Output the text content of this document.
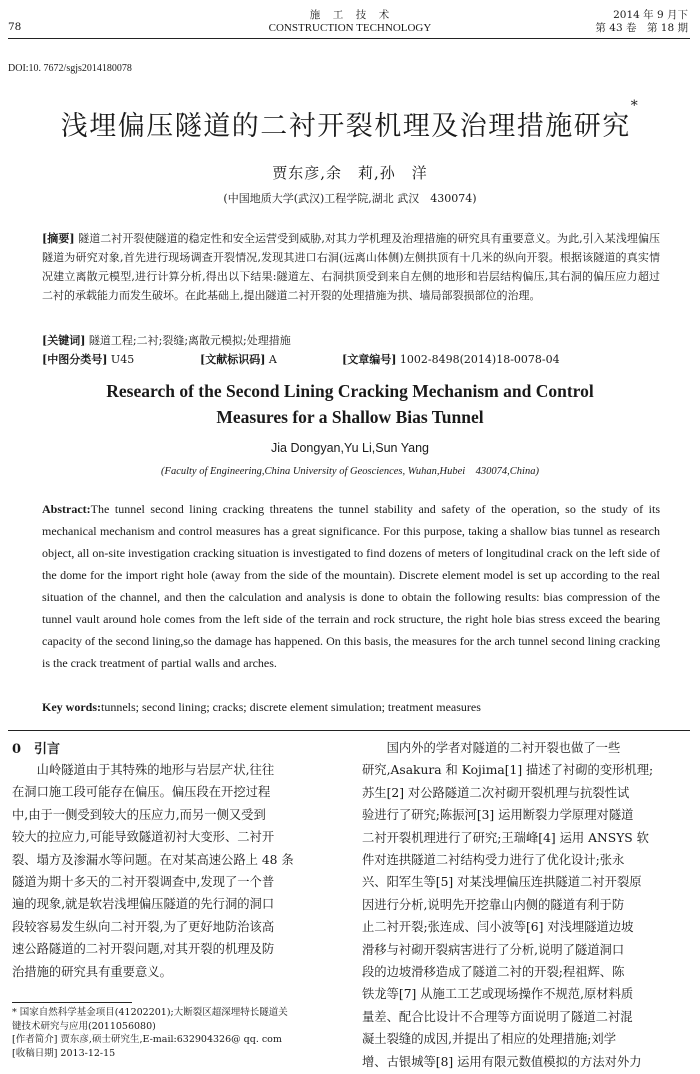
78
施　工　技　术
CONSTRUCTION TECHNOLOGY
2014 年 9 月下
第 43 卷　第 18 期
DOI:10. 7672/sgjs2014180078
浅埋偏压隧道的二衬开裂机理及治理措施研究*
贾东彦,余　莉,孙　洋
(中国地质大学(武汉)工程学院,湖北 武汉　430074)
[摘要] 隧道二衬开裂使隧道的稳定性和安全运营受到威胁,对其力学机理及治理措施的研究具有重要意义。为此,引入某浅埋偏压隧道为研究对象,首先进行现场调查开裂情况,发现其进口右洞(远离山体侧)左侧拱顶有十几米的纵向开裂。根据该隧道的真实情况建立离散元模型,进行计算分析,得出以下结果:隧道左、右洞拱顶受到来自左侧的地形和岩层结构偏压,其右洞的偏压应力超过二衬的承载能力而发生破坏。在此基础上,提出隧道二衬开裂的处理措施为拱、墙局部裂损部位的治理。
[关键词] 隧道工程;二衬;裂缝;离散元模拟;处理措施
[中图分类号] U45	[文献标识码] A	[文章编号] 1002-8498(2014)18-0078-04
Research of the Second Lining Cracking Mechanism and Control Measures for a Shallow Bias Tunnel
Jia Dongyan,Yu Li,Sun Yang
(Faculty of Engineering,China University of Geosciences, Wuhan,Hubei　430074,China)
Abstract:The tunnel second lining cracking threatens the tunnel stability and safety of the operation, so the study of its mechanical mechanism and control measures has a great significance. For this purpose, taking a shallow bias tunnel as research object, all on-site investigation cracking situation is investigated to find dozens of meters of longitudinal crack on the left side of the dome for the import right hole (away from the side of the mountain). Discrete element model is set up according to the real situation of the channel, and then the calculation and analysis is done to obtain the following results: bias compression of the tunnel vault around hole comes from the left side of the terrain and rock structure, the right hole bias stress exceed the bearing capacity of the second lining,so the damage has happened. On this basis, the measures for the arch tunnel second lining cracking is the crack treatment of partial walls and arches.
Key words:tunnels; second lining; cracks; discrete element simulation; treatment measures
0　引言
　　山岭隧道由于其特殊的地形与岩层产状,往往
在洞口施工段可能存在偏压。偏压段在开挖过程
中,由于一侧受到较大的压应力,而另一侧又受到
较大的拉应力,可能导致隧道初衬大变形、二衬开
裂、塌方及渗漏水等问题。在对某高速公路上 48 条
隧道为期十多天的二衬开裂调查中,发现了一个普
遍的现象,就是软岩浅埋偏压隧道的先行洞的洞口
段较容易发生纵向二衬开裂,为了更好地防治该高
速公路隧道的二衬开裂问题,对其开裂的机理及防
治措施的研究具有重要意义。
* 国家自然科学基金项目(41202201);大断裂区超深埋特长隧道关
键技术研究与应用(2011056080)
[作者简介] 贾东彦,硕士研究生,E-mail:632904326@ qq. com
[收稿日期] 2013-12-15
　　国内外的学者对隧道的二衬开裂也做了一些
研究,Asakura 和 Kojima[1] 描述了衬砌的变形机理;
苏生[2] 对公路隧道二次衬砌开裂机理与抗裂性试
验进行了研究;陈振河[3] 运用断裂力学原理对隧道
二衬开裂机理进行了研究;王瑞峰[4] 运用 ANSYS 软
件对连拱隧道二衬结构受力进行了优化设计;张永
兴、阳军生等[5] 对某浅埋偏压连拱隧道二衬开裂原
因进行分析,说明先开挖靠山内侧的隧道有利于防
止二衬开裂;张连成、闫小波等[6] 对浅埋隧道边坡
滑移与衬砌开裂病害进行了分析,说明了隧道洞口
段的边坡滑移造成了隧道二衬的开裂;程祖辉、陈
铁龙等[7] 从施工工艺或现场操作不规范,原材料质
量差、配合比设计不合理等方面说明了隧道二衬混
凝土裂缝的成因,并提出了相应的处理措施;刘学
增、古银城等[8] 运用有限元数值模拟的方法对外力
